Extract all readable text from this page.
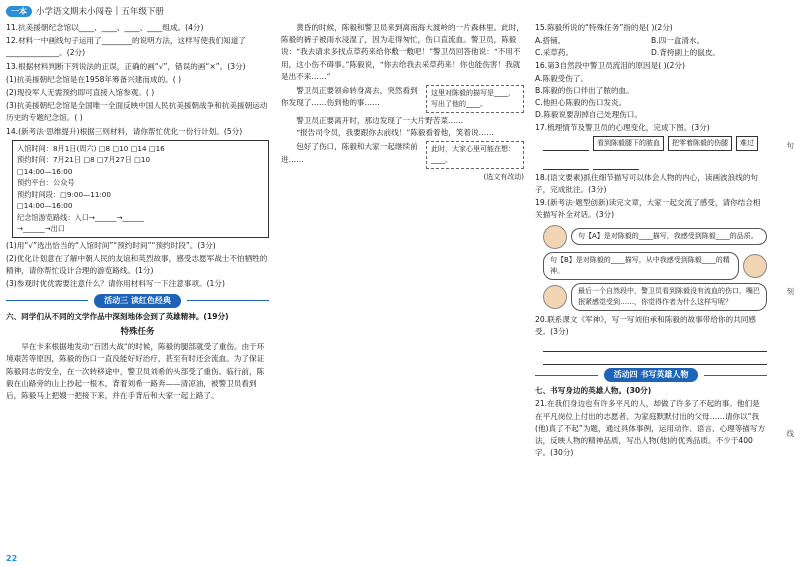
一本	小学语文期末小闯卷 | 五年级下册
11.抗美援朝纪念馆以____、____、____、____组成。(4分)
12.材料一中画线句子运用了________的说明方法，这样写使我们知道了______________。(2分)
13.根据材料判断下列说法的正误，正确的画“√”，错误的画“×”。(3分)
(1)抗美援朝纪念馆是在1958年筹备兴建而成的。( )
(2)现役军人无需预约即可直接入馆参观。( )
(3)抗美援朝纪念馆是全国唯一全面反映中国人民抗美援朝战争和抗美援朝运动历史的专题纪念馆。( )
14.(新考法·思维提升)根据三则材料，请你帮忙优化一份行计划。(5分)
入馆时间：8月1日(周六) □8 □10 □14 □16
预约时间：7月21日 □8 □7月27日 □10
□14:00—16:00
预约平台：公众号
预约时间段：□9:00—11:00
□14:00—16:00
纪念馆游览路线：入口→______→______
→______→出口
(1)用“√”选出恰当的“入馆时间”“预约时间”“预约时段”。(3分)
(2)优化计划意在了解中朝人民的友谊和英烈故事，感受志愿军战士不怕牺牲的精神，请你帮忙设计合理的游览路线。(1分)
(3)参观时优优需要注意什么？请你用材料写一下注意事项。(1分)
活动三 读红色经典
六、同学们从不同的文学作品中深刻地体会到了英雄精神。(19分)
特殊任务

早在卡来根据地发动“百团大战”的时候，陈毅的腿部就受了重伤。由于环境艰苦等原因，陈毅的伤口一直没能好好治疗，甚至有时还会流血。为了保证陈毅同志的安全，在一次转移途中，警卫员刘希的头部受了重伤。临行前，陈毅在山路旁的山上抄起一根木，背着刘希一路奔——清凉油，被警卫员看到后，陈毅马上把嫂一把接下来，并在手背后和大家一起上路了。

黄昏的时候，陈毅和警卫员来到离南海大渡岭的一片森林里。此时，陈毅的裤子被雨水浸湿了，因为走得匆忙，伤口直流血。警卫员，陈毅说：“我去请求多找点草药来给你敷一敷吧！”警卫员回答他说：“不用不用，这小伤不碍事。”陈毅说，“你去给我去采草药来！你也能伤害！我就是出不来……”

警卫员正要领命转身离去，突然看到你发现了……伤到他的事……

这里对陈毅的描写是____，写出了他的____。

警卫员正要离开时，那边发现了一大片野苦菜……

“报告司令员，我要跟你去前线！”陈毅看着他，笑着说……

包好了伤口，陈毅和大家一起继续前进……

此时，大家心里可能在想：____。
(选文有改动)
15.陈毅所说的“特殊任务”指的是( )(2分)
A.搭铺。	B.四一盒清水。
C.采草药。	D.背挎副上的鼠皮。
16.第3自然段中警卫员流泪的原因是( )(2分)
A.陈毅受伤了。
B.陈毅的伤口伴出了脓的血。
C.他担心陈毅的伤口发炎。
D.陈毅说要刮掉自己处理伤口。
17.梳理情节及警卫员的心理变化，完成下图。(3分)
看到陈毅腿下的脓血	把零着陈毅的伤腿	难过
18.(语文要素)抓住细节描写可以体会人物的内心，读画波浪线的句子，完成批注。(3分)
19.(新考法·题型创新)读完文章，大家一起交流了感受，请你结合相关描写补全对话。(3分)
句【A】是对陈毅的____描写，我感受到陈毅____的品质。
句【B】是对陈毅的____描写，从中我感受到陈毅____的精神。
最后一个自然段中，警卫员看到陈毅没有流血的伤口，嘴巴抿紧感觉受到……，你觉得作者为什么这样写呢？
20.联系课文《军神》，写一写刘伯承和陈毅的故事带给你的共同感受。(3分)
活动四 书写英雄人物
七、书写身边的英雄人物。(30分)
21.在我们身边也有许多平凡的人，却做了许多了不起的事。他们是在平凡岗位上付出的志愿者、为家庭默默付出的父母……请你以“我(他)真了不起”为题，通过具体事例，运用动作、语言、心理等描写方法，反映人物的精神品质，写出人物(他)的优秀品质。不少于400字。(30分)
句
刻
线
22
